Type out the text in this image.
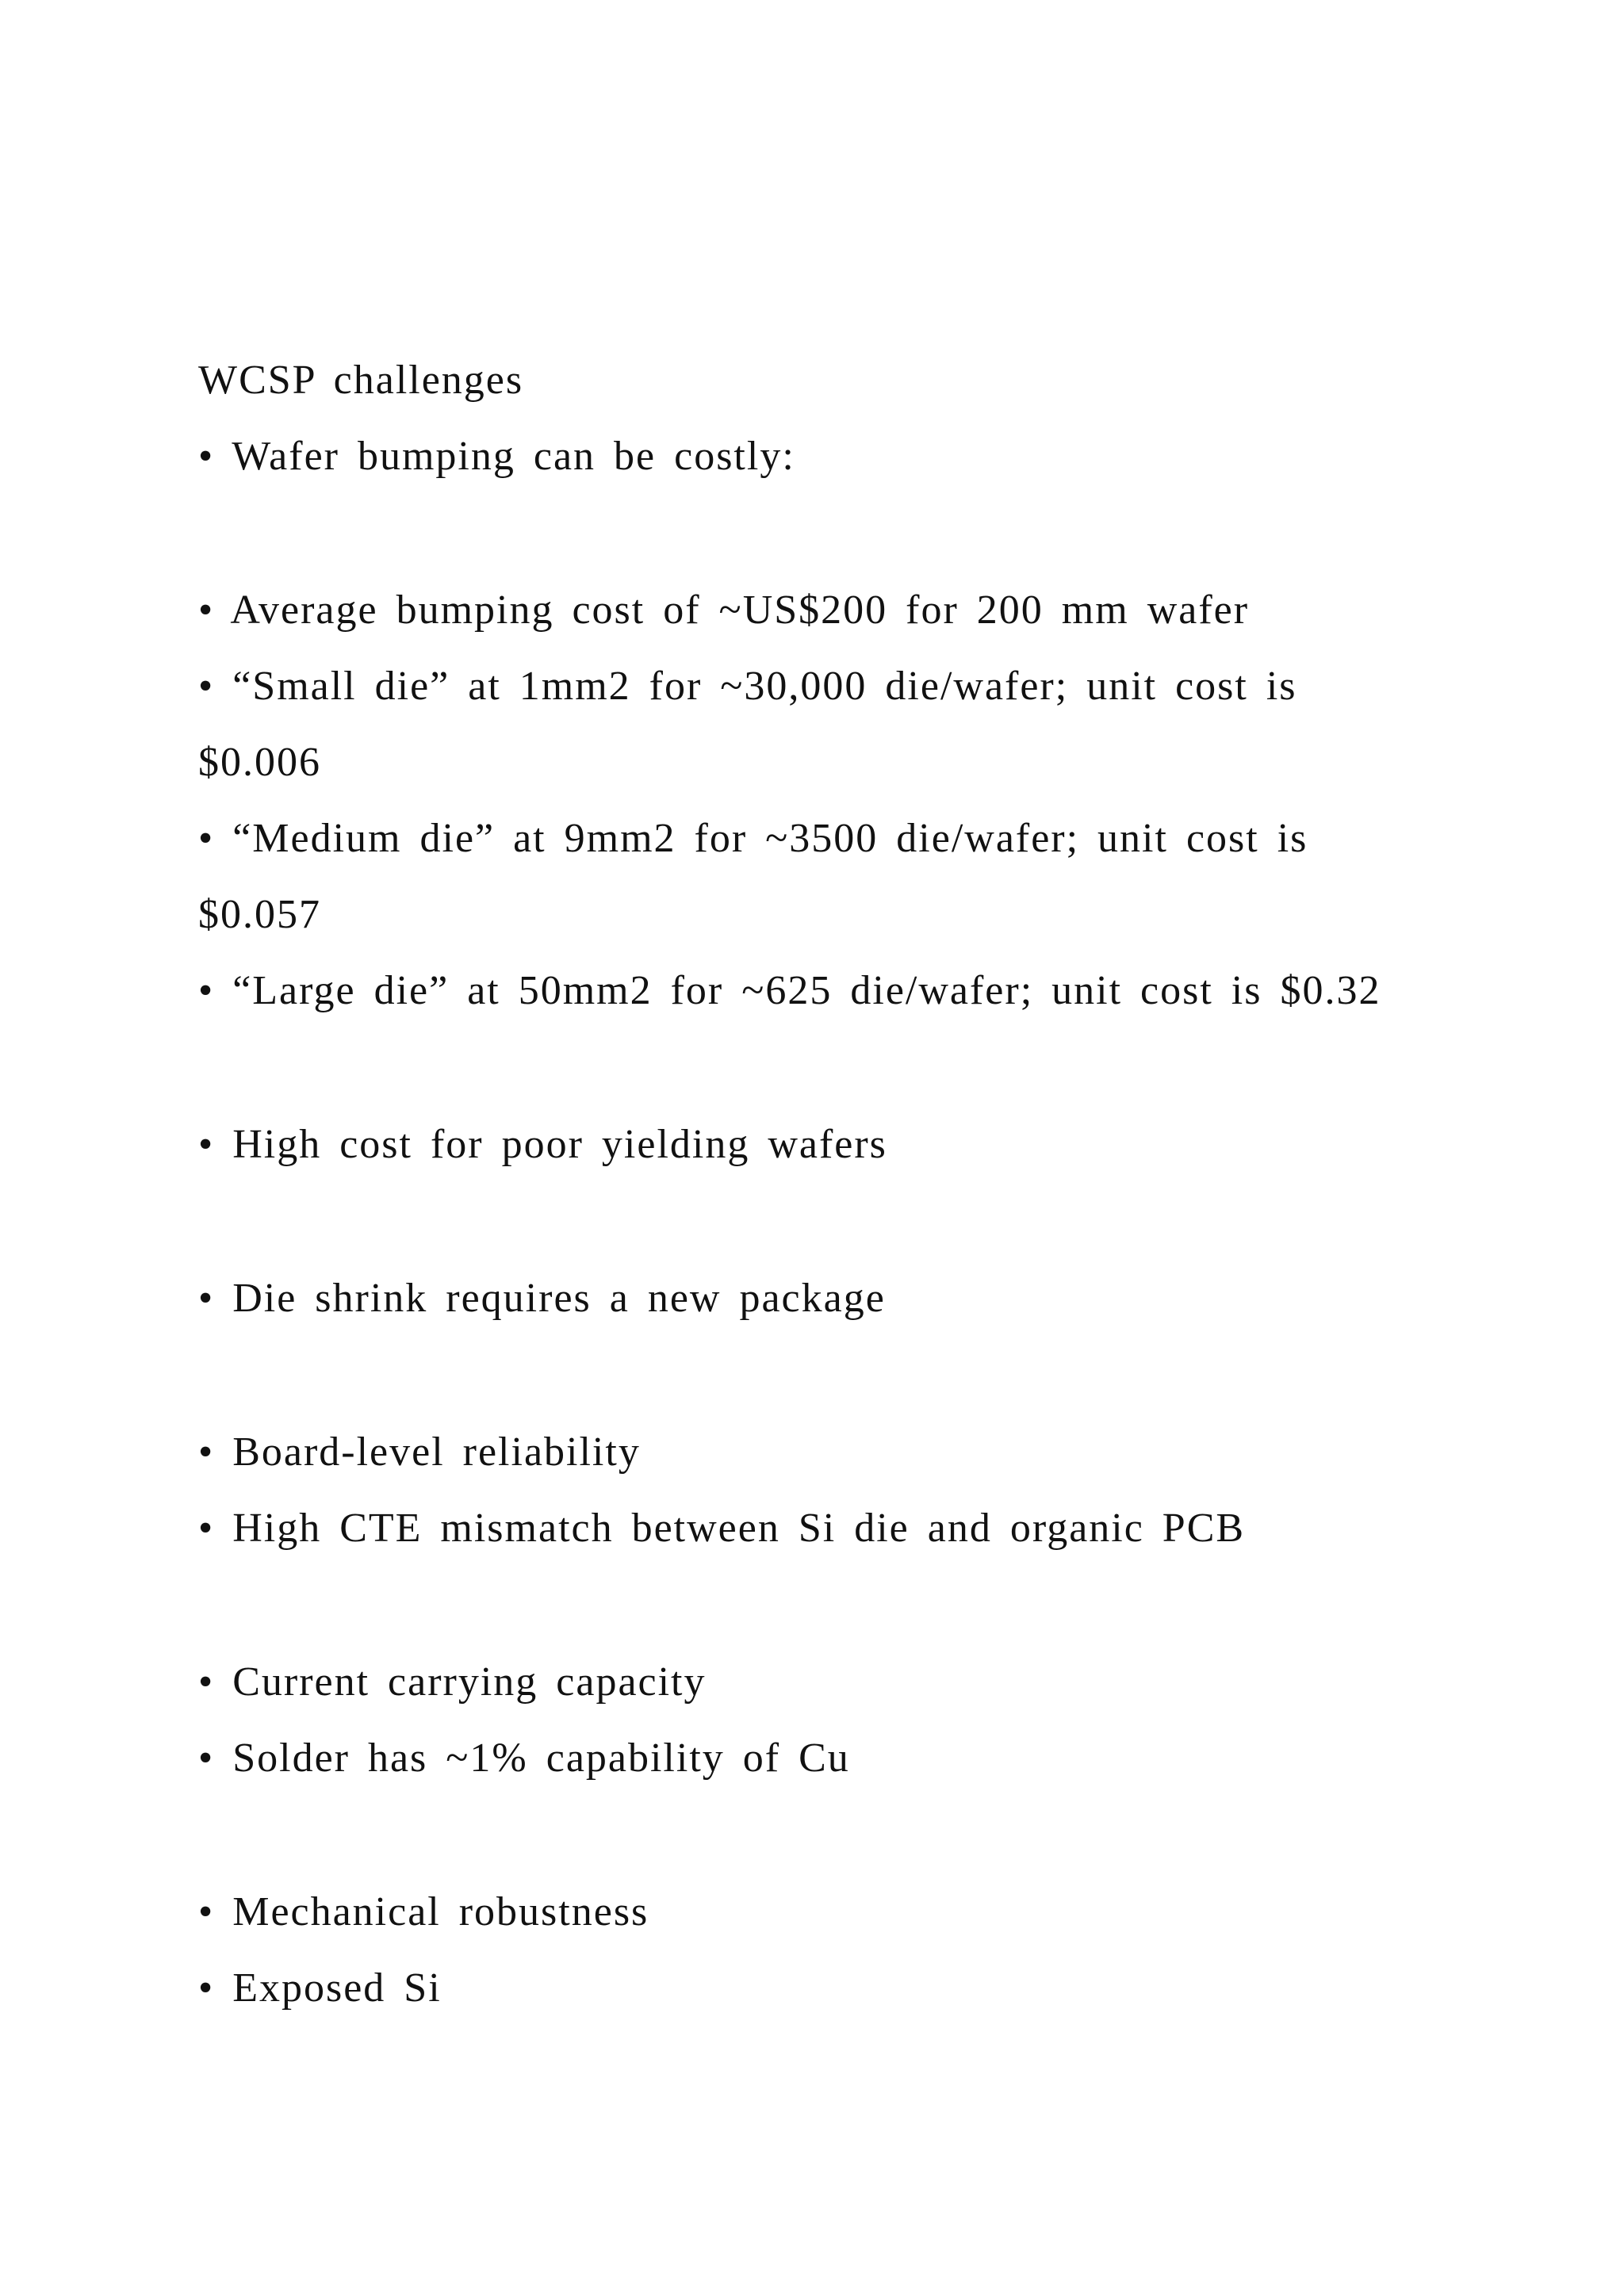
WCSP challenges
• Wafer bumping can be costly:
• Average bumping cost of ~US$200 for 200 mm wafer
• “Small die” at 1mm2 for ~30,000 die/wafer; unit cost is
$0.006
• “Medium die” at 9mm2 for ~3500 die/wafer; unit cost is
$0.057
• “Large die” at 50mm2 for ~625 die/wafer; unit cost is $0.32
• High cost for poor yielding wafers
• Die shrink requires a new package
• Board-level reliability
• High CTE mismatch between Si die and organic PCB
• Current carrying capacity
• Solder has ~1% capability of Cu
• Mechanical robustness
• Exposed Si
